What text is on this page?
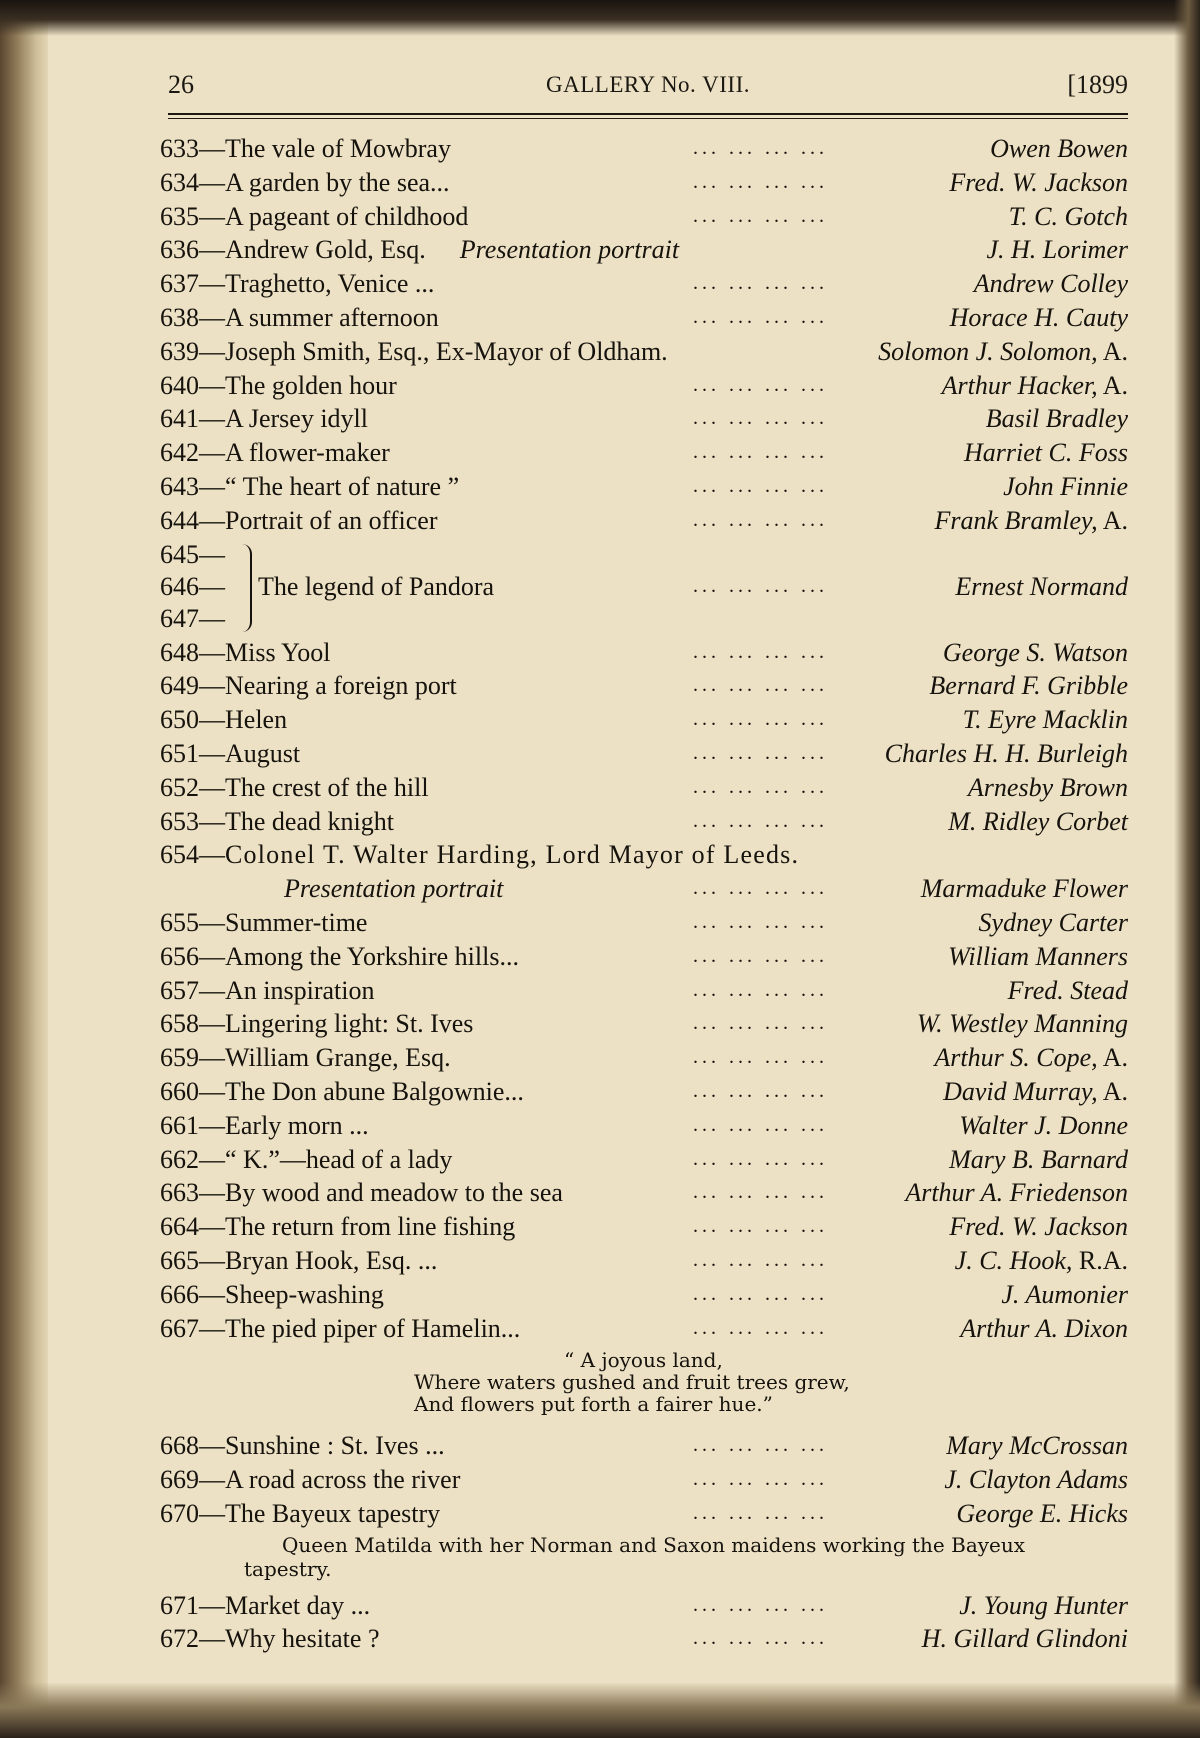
26	GALLERY No. VIII.	[1899
633—The vale of Mowbray	... ... ... ...	Owen Bowen
634—A garden by the sea...	... ... ... ...	Fred. W. Jackson
635—A pageant of childhood	... ... ... ...	T. C. Gotch
636—Andrew Gold, Esq. Presentation portrait	J. H. Lorimer
637—Traghetto, Venice ...	... ... ... ...	Andrew Colley
638—A summer afternoon	... ... ... ...	Horace H. Cauty
639—Joseph Smith, Esq., Ex-Mayor of Oldham.	Solomon J. Solomon, A.
640—The golden hour	... ... ... ...	Arthur Hacker, A.
641—A Jersey idyll	... ... ... ...	Basil Bradley
642—A flower-maker	... ... ... ...	Harriet C. Foss
643—“ The heart of nature ”	... ... ... ...	John Finnie
644—Portrait of an officer	... ... ... ...	Frank Bramley, A.
645—
646—
647—
The legend of Pandora	... ... ... ...	Ernest Normand
648—Miss Yool	... ... ... ...	George S. Watson
649—Nearing a foreign port	... ... ... ...	Bernard F. Gribble
650—Helen	... ... ... ...	T. Eyre Macklin
651—August	... ... ... ... Charles H. H. Burleigh
652—The crest of the hill	... ... ... ...	Arnesby Brown
653—The dead knight	... ... ... ...	M. Ridley Corbet
654—Colonel T. Walter Harding, Lord Mayor of Leeds.
Presentation portrait	... ... ... ...	Marmaduke Flower
655—Summer-time	... ... ... ...	Sydney Carter
656—Among the Yorkshire hills...	... ... ... ...	William Manners
657—An inspiration	... ... ... ...	Fred. Stead
658—Lingering light: St. Ives	... ... ... ...	W. Westley Manning
659—William Grange, Esq.	... ... ... ...	Arthur S. Cope, A.
660—The Don abune Balgownie...	... ... ... ...	David Murray, A.
661—Early morn ...	... ... ... ...	Walter J. Donne
662—“ K.”—head of a lady	... ... ... ...	Mary B. Barnard
663—By wood and meadow to the sea	... ... ... ...	Arthur A. Friedenson
664—The return from line fishing	... ... ... ...	Fred. W. Jackson
665—Bryan Hook, Esq. ...	... ... ... ...	J. C. Hook, R.A.
666—Sheep-washing	... ... ... ...	J. Aumonier
667—The pied piper of Hamelin...	... ... ... ...	Arthur A. Dixon
“ A joyous land,
Where waters gushed and fruit trees grew,
And flowers put forth a fairer hue.”
668—Sunshine : St. Ives ...	... ... ... ...	Mary McCrossan
669—A road across the river	... ... ... ...	J. Clayton Adams
670—The Bayeux tapestry	... ... ... ...	George E. Hicks
Queen Matilda with her Norman and Saxon maidens working the Bayeux
tapestry.
671—Market day ...	... ... ... ...	J. Young Hunter
672—Why hesitate ?	... ... ... ...	H. Gillard Glindoni
